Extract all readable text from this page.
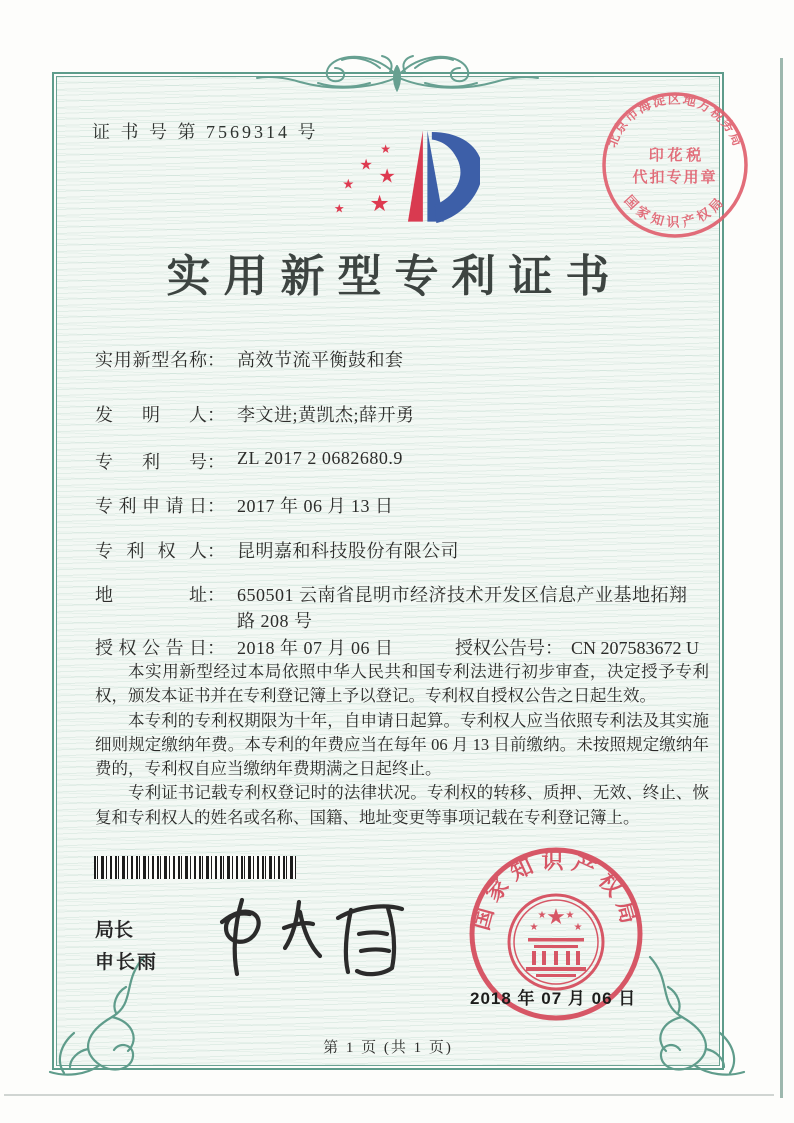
证 书 号 第 7569314 号
★
★
★
★
★
★
北京市海淀区地方税务局
国家知识产权局
印 花 税
代扣专用章
实用新型专利证书
实用新型名称： 高效节流平衡鼓和套
发明人： 李文进;黄凯杰;薛开勇
专利号： ZL 2017 2 0682680.9
专利申请日： 2017 年 06 月 13 日
专利权人： 昆明嘉和科技股份有限公司
地址： 650501 云南省昆明市经济技术开发区信息产业基地拓翔
路 208 号
授权公告日： 2018 年 07 月 06 日	授权公告号： CN 207583672 U

本实用新型经过本局依照中华人民共和国专利法进行初步审查，决定授予专利权，颁发本证书并在专利登记簿上予以登记。专利权自授权公告之日起生效。

本专利的专利权期限为十年，自申请日起算。专利权人应当依照专利法及其实施细则规定缴纳年费。本专利的年费应当在每年 06 月 13 日前缴纳。未按照规定缴纳年费的，专利权自应当缴纳年费期满之日起终止。

专利证书记载专利权登记时的法律状况。专利权的转移、质押、无效、终止、恢复和专利权人的姓名或名称、国籍、地址变更等事项记载在专利登记簿上。

局长
申长雨
国家知识产权局
★
★
★ ★
★
2018 年 07 月 06 日
第 1 页 (共 1 页)
